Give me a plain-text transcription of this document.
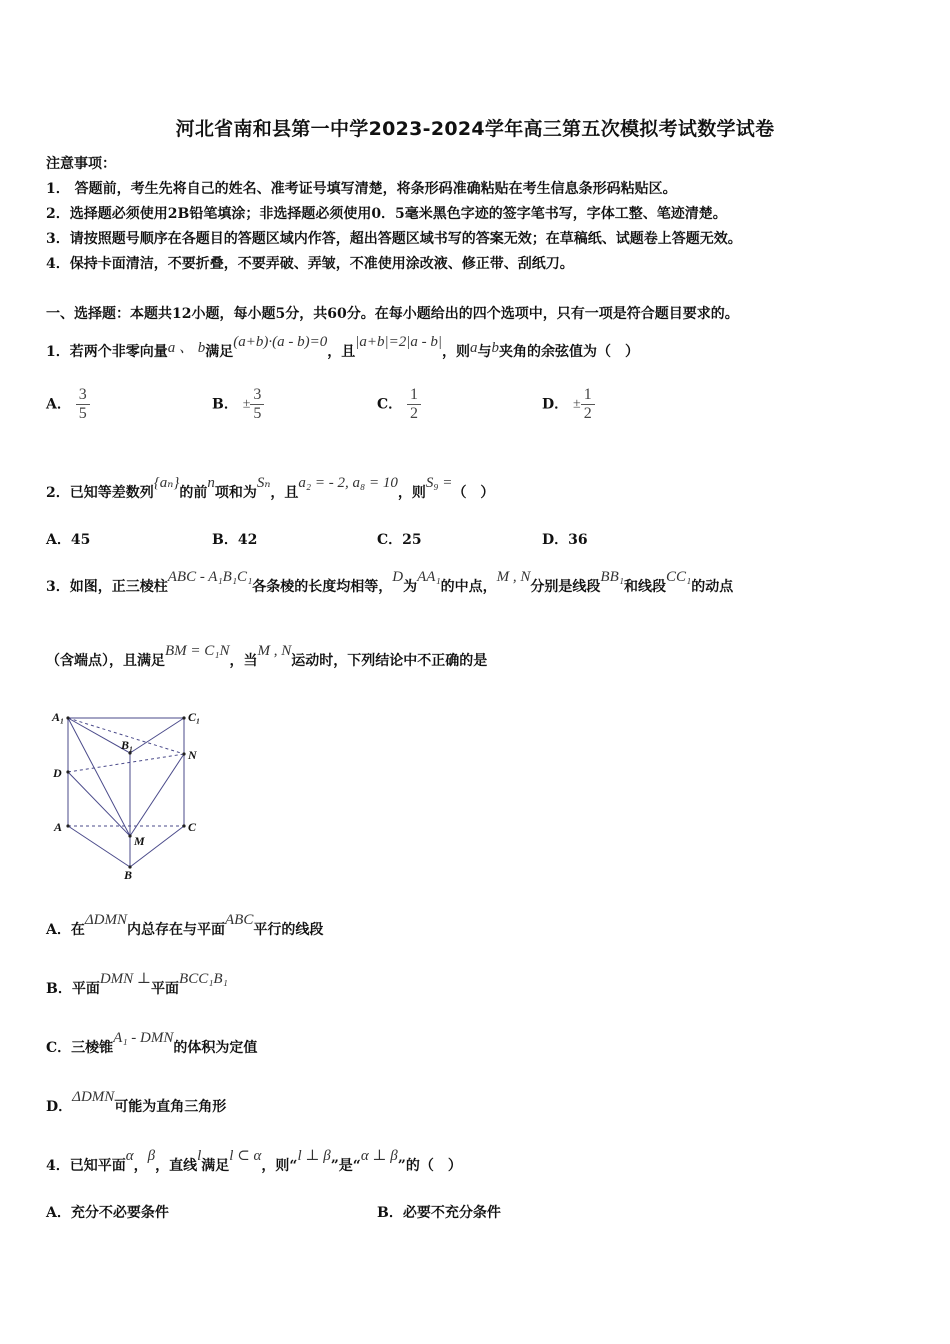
河北省南和县第一中学2023-2024学年高三第五次模拟考试数学试卷
注意事项：
1． 答题前，考生先将自己的姓名、准考证号填写清楚，将条形码准确粘贴在考生信息条形码粘贴区。
2．选择题必须使用2B铅笔填涂；非选择题必须使用0．5毫米黑色字迹的签字笔书写，字体工整、笔迹清楚。
3．请按照题号顺序在各题目的答题区域内作答，超出答题区域书写的答案无效；在草稿纸、试题卷上答题无效。
4．保持卡面清洁，不要折叠，不要弄破、弄皱，不准使用涂改液、修正带、刮纸刀。
一、选择题：本题共12小题，每小题5分，共60分。在每小题给出的四个选项中，只有一项是符合题目要求的。
1．若两个非零向量a 、 b满足(a+b)·(a - b)=0，且|a+b|=2|a - b|，则a与b夹角的余弦值为（　）
A． $\frac{3}{5}$	B． ± $\frac{3}{5}$	C． $\frac{1}{2}$	D． ± $\frac{1}{2}$
2．已知等差数列{aₙ}的前n项和为Sₙ，且a₂ = - 2, a₈ = 10，则S₉ =（　）
A．45	B．42	C．25	D．36
3．如图，正三棱柱ABC - A₁B₁C₁各条棱的长度均相等，D为AA₁的中点，M , N分别是线段BB₁和线段CC₁的动点
（含端点），且满足BM = C₁N，当M , N运动时，下列结论中不正确的是
A₁	C₁
B₁
N
D
A	C
M
B
A．在ΔDMN内总存在与平面ABC平行的线段
B．平面DMN ⊥平面BCC₁B₁
C．三棱锥A₁ - DMN的体积为定值
D．ΔDMN可能为直角三角形
4．已知平面α，β，直线l满足l ⊂ α，则“l ⊥ β”是“α ⊥ β”的（　）
A．充分不必要条件	B．必要不充分条件
